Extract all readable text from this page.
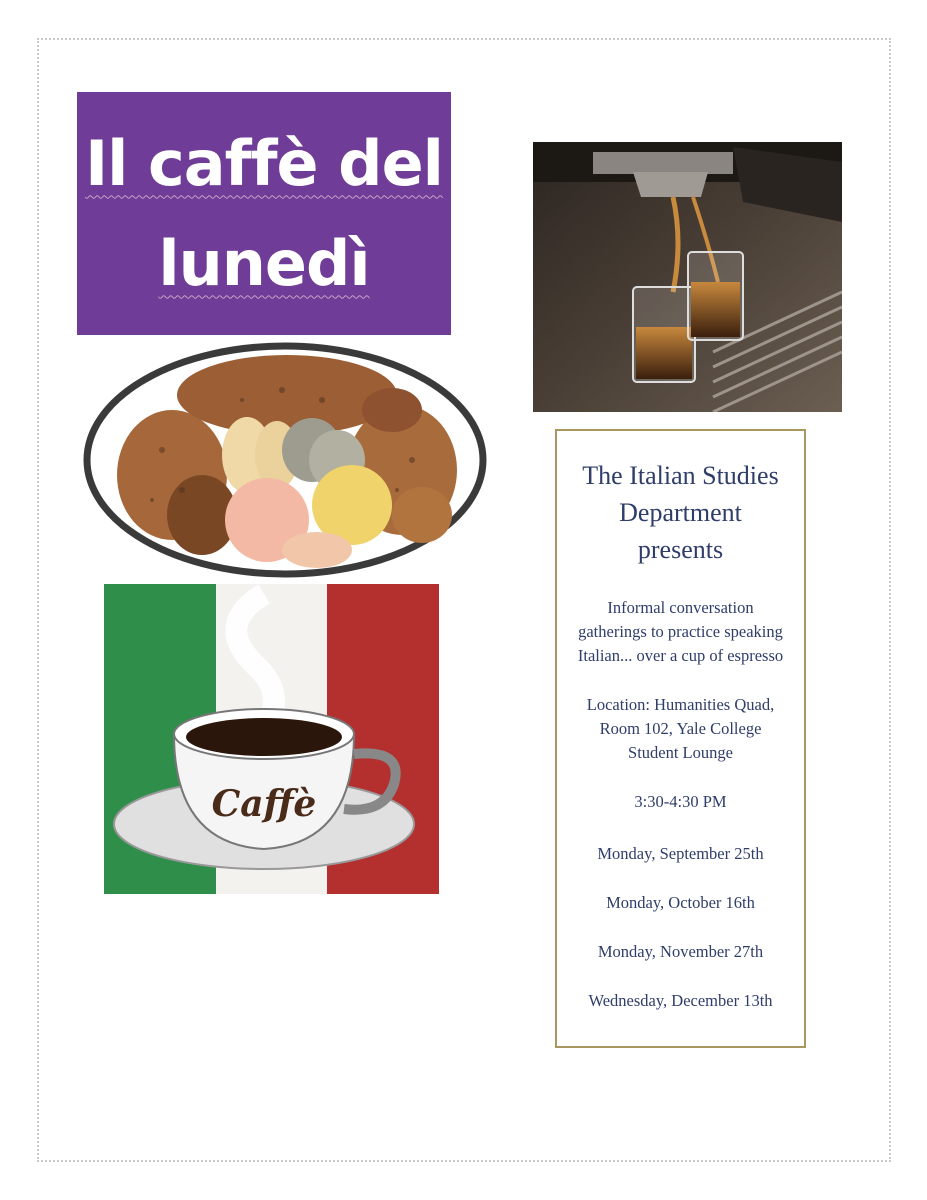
Il caffè del
lunedì
Caffè
The Italian Studies
Department
presents
Informal conversation
gatherings to practice speaking
Italian... over a cup of espresso
Location: Humanities Quad,
Room 102, Yale College
Student Lounge
3:30-4:30 PM
Monday, September 25th
Monday, October 16th
Monday, November 27th
Wednesday, December 13th
